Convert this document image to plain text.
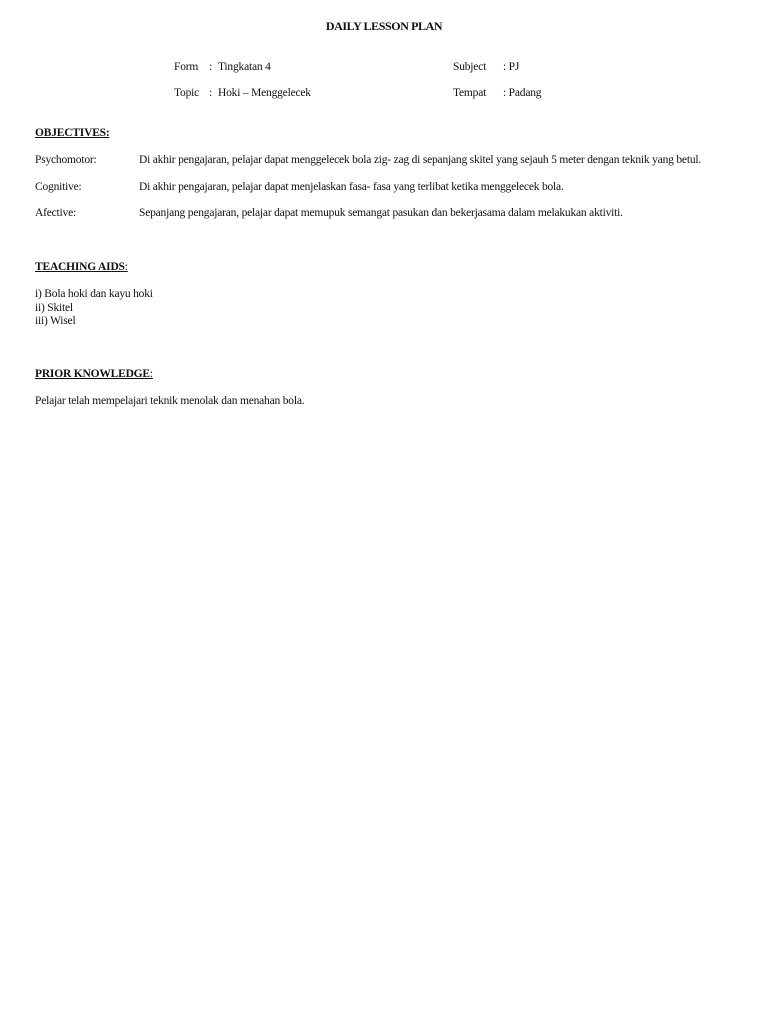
DAILY LESSON PLAN
Form : Tingkatan 4	Subject : PJ
Topic : Hoki – Menggelecek	Tempat : Padang
OBJECTIVES:
Psychomotor:	Di akhir pengajaran, pelajar dapat menggelecek bola zig- zag di sepanjang skitel yang sejauh 5 meter dengan teknik yang betul.
Cognitive:	Di akhir pengajaran, pelajar dapat menjelaskan fasa- fasa yang terlibat ketika menggelecek bola.
Afective:	Sepanjang pengajaran, pelajar dapat memupuk semangat pasukan dan bekerjasama dalam melakukan aktiviti.
TEACHING AIDS:
i) Bola hoki dan kayu hoki
ii) Skitel
iii) Wisel
PRIOR KNOWLEDGE:
Pelajar telah mempelajari teknik menolak dan menahan bola.
